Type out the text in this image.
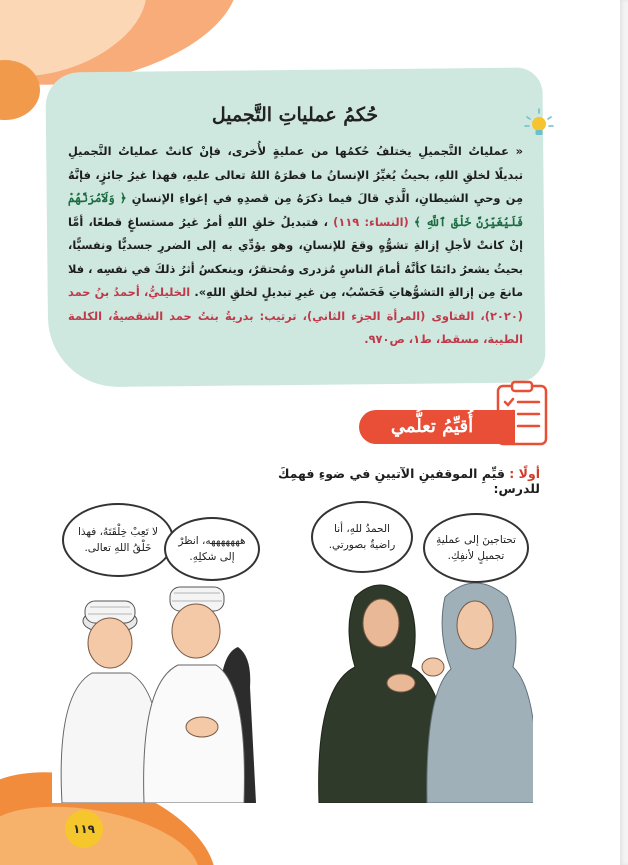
حُكمُ عملياتِ التَّجميل
« عملياتُ التَّجميلِ يختلفُ حُكمُها من عمليةٍ لأُخرى، فإنْ كانتْ عملياتُ التَّجميلِ تبديلًا لخلقِ اللهِ، بحيثُ يُغيِّرُ الإنسانُ ما فطرَهُ اللهُ تعالى عليهِ، فهذا غيرُ جائزٍ، فإنَّهُ مِن وحيِ الشيطانِ، الَّذي قالَ فيما ذكرَهُ مِن قصدِهِ في إغواءِ الإنسانِ ﴿ وَلَآمُرَنَّهُمْ فَلَيُغَيِّرُنَّ خَلْقَ ٱللَّهِ ﴾ (النساء: ١١٩) ، فتبديلُ خلقِ اللهِ أمرٌ غيرُ مستساغٍ قطعًا، أمَّا إنْ كانتْ لأجلِ إزالةِ تشوُّهٍ وقعَ للإنسانِ، وهو يؤدِّي به إلى الضررِ جسديًّا ونفسيًّا، بحيثُ يشعرُ دائمًا كأنَّهُ أمامَ الناسِ مُزدرى ومُحتقرٌ، وينعكسُ أثرُ ذلكَ في نفسِه ، فلا مانعَ مِن إزالةِ التشوُّهاتِ فَحَسْبُ، مِن غيرِ تبديلٍ لخلقِ اللهِ». الخليليُّ، أحمدُ بنُ حمد (٢٠٢٠)، الفتاوى (المرأة الجزء الثاني)، ترتيب: بدريةُ بنتُ حمد الشقصيةُ، الكلمة الطيبة، مسقط، ط١، ص٩٧٠.
أُقيِّمُ تعلُّمي
أولًا : قيِّمِ الموقفينِ الآتيينِ في ضوءِ فهمِكَ للدرسِ:
لا تَعِبْ خِلْقَتَهُ، فهذا خَلْقُ اللهِ تعالى.
هههههههه، انظرْ إلى شكلِهِ.
الحمدُ للهِ، أنا راضيةٌ بصورتي.	تحتاجينَ إلى عمليةِ تجميلٍ لأنفِكِ.
١١٩
